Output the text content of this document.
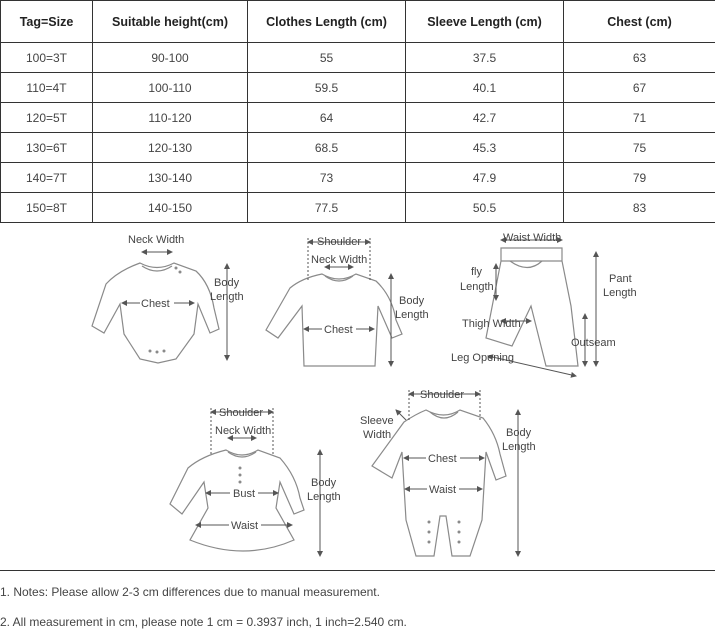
Tag=Size	Suitable height(cm)	Clothes Length (cm)	Sleeve Length (cm)	Chest (cm)
100=3T	90-100	55	37.5	63
110=4T	100-110	59.5	40.1	67
120=5T	110-120	64	42.7	71
130=6T	120-130	68.5	45.3	75
140=7T	130-140	73	47.9	79
150=8T	140-150	77.5	50.5	83
Neck Width
Chest
Body
Length
Shoulder
Neck Width
Chest
Body
Length
Waist Width
fly
Length
Pant
Length
Thigh Width
Outseam
Leg Opening
Shoulder
Neck Width
Bust
Waist
Body
Length
Shoulder
Sleeve
Width
Chest
Waist
Body
Length
1. Notes: Please allow 2-3 cm differences due to manual measurement.
2. All measurement in cm, please note 1 cm = 0.3937 inch, 1 inch=2.540 cm.
